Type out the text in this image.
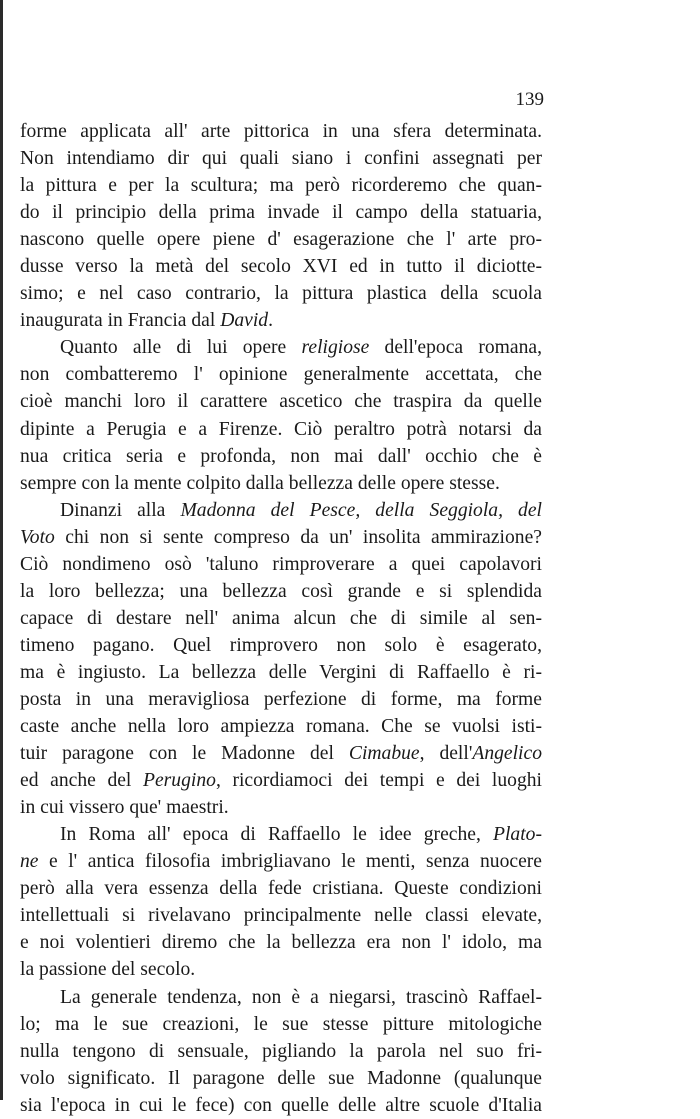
139
forme applicata all' arte pittorica in una sfera determinata.
Non intendiamo dir qui quali siano i confini assegnati per
la pittura e per la scultura; ma però ricorderemo che quan-
do il principio della prima invade il campo della statuaria,
nascono quelle opere piene d' esagerazione che l' arte pro-
dusse verso la metà del secolo XVI ed in tutto il diciotte-
simo; e nel caso contrario, la pittura plastica della scuola
inaugurata in Francia dal David.
Quanto alle di lui opere religiose dell'epoca romana,
non combatteremo l' opinione generalmente accettata, che
cioè manchi loro il carattere ascetico che traspira da quelle
dipinte a Perugia e a Firenze. Ciò peraltro potrà notarsi da
nua critica seria e profonda, non mai dall' occhio che è
sempre con la mente colpito dalla bellezza delle opere stesse.
Dinanzi alla Madonna del Pesce, della Seggiola, del
Voto chi non si sente compreso da un' insolita ammirazione?
Ciò nondimeno osò 'taluno rimproverare a quei capolavori
la loro bellezza; una bellezza così grande e si splendida
capace di destare nell' anima alcun che di simile al sen-
timeno pagano. Quel rimprovero non solo è esagerato,
ma è ingiusto. La bellezza delle Vergini di Raffaello è ri-
posta in una meravigliosa perfezione di forme, ma forme
caste anche nella loro ampiezza romana. Che se vuolsi isti-
tuir paragone con le Madonne del Cimabue, dell'Angelico
ed anche del Perugino, ricordiamoci dei tempi e dei luoghi
in cui vissero que' maestri.
In Roma all' epoca di Raffaello le idee greche, Plato-
ne e l' antica filosofia imbrigliavano le menti, senza nuocere
però alla vera essenza della fede cristiana. Queste condizioni
intellettuali si rivelavano principalmente nelle classi elevate,
e noi volentieri diremo che la bellezza era non l' idolo, ma
la passione del secolo.
La generale tendenza, non è a niegarsi, trascinò Raffael-
lo; ma le sue creazioni, le sue stesse pitture mitologiche
nulla tengono di sensuale, pigliando la parola nel suo fri-
volo significato. Il paragone delle sue Madonne (qualunque
sia l'epoca in cui le fece) con quelle delle altre scuole d'Italia
